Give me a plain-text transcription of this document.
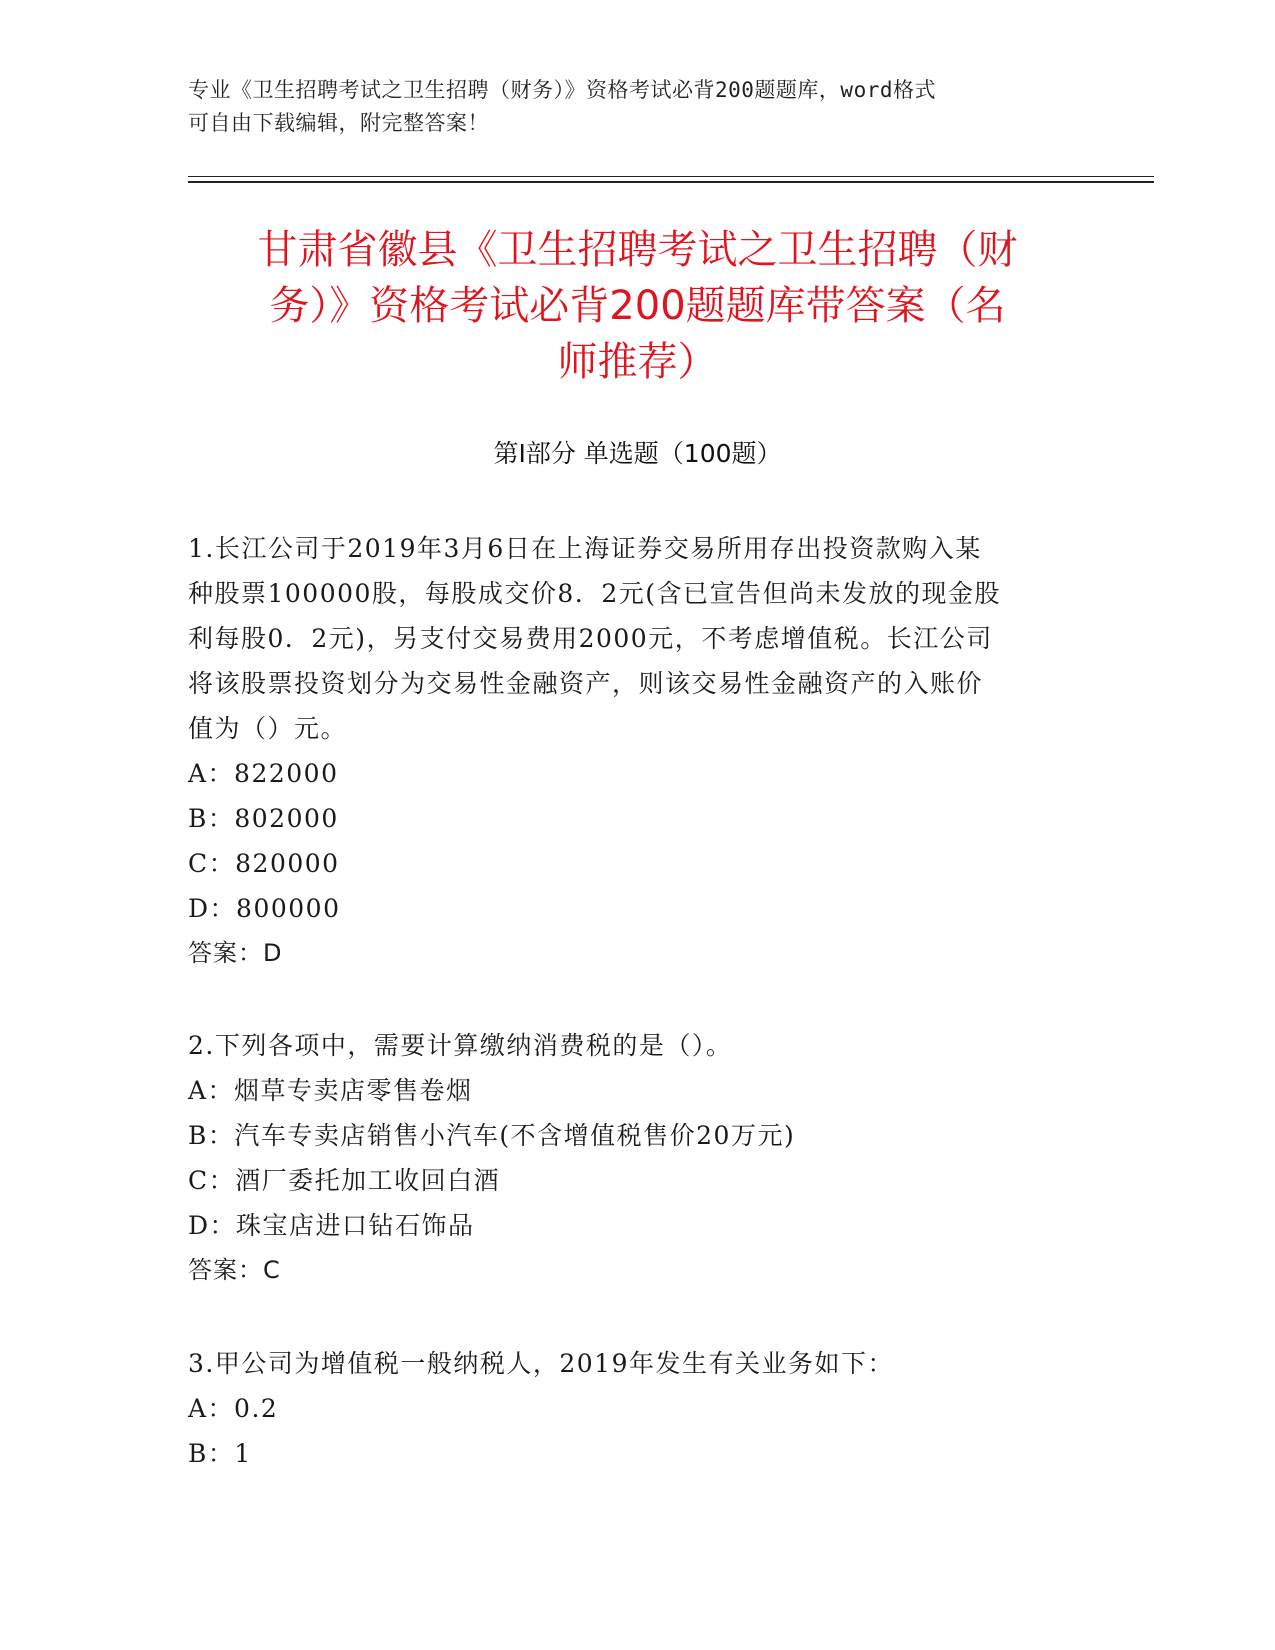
专业《卫生招聘考试之卫生招聘（财务）》资格考试必背200题题库，word格式
可自由下载编辑，附完整答案！
甘肃省徽县《卫生招聘考试之卫生招聘（财
务）》资格考试必背200题题库带答案（名
师推荐）
第Ⅰ部分 单选题（100题）
1.长江公司于2019年3月6日在上海证券交易所用存出投资款购入某
种股票100000股，每股成交价8．2元(含已宣告但尚未发放的现金股
利每股0．2元)，另支付交易费用2000元，不考虑增值税。长江公司
将该股票投资划分为交易性金融资产，则该交易性金融资产的入账价
值为（）元。
A：822000
B：802000
C：820000
D：800000
答案：D
2.下列各项中，需要计算缴纳消费税的是（）。
A：烟草专卖店零售卷烟
B：汽车专卖店销售小汽车(不含增值税售价20万元)
C：酒厂委托加工收回白酒
D：珠宝店进口钻石饰品
答案：C
3.甲公司为增值税一般纳税人，2019年发生有关业务如下：
A：0.2
B：1
